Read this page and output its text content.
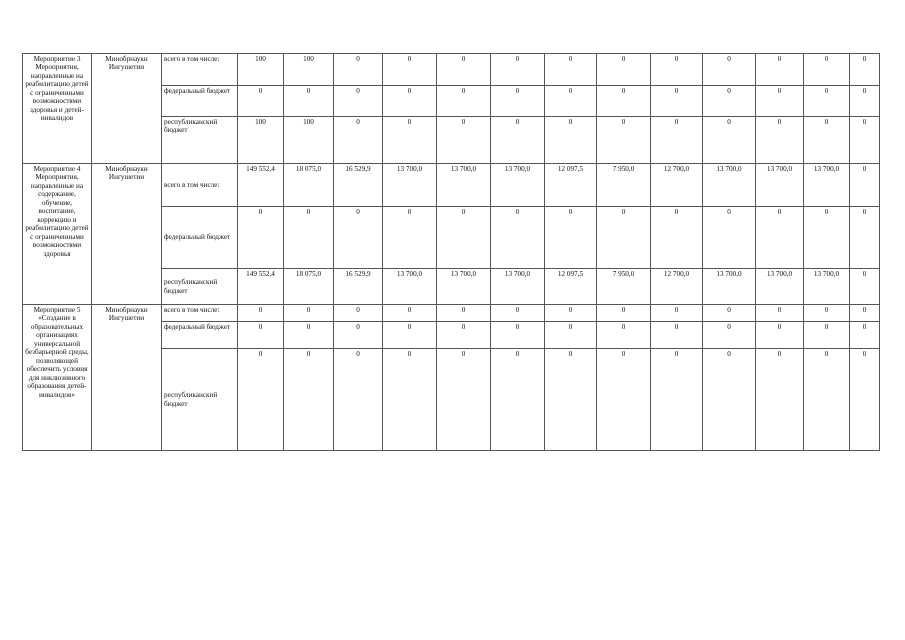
Мероприятие 3 Мероприятия, направленные на реабилитацию детей с ограниченными возможностями здоровья и детей-инвалидов	Минобрнауки Ингушетии	всего в том числе:	100	100	0	0	0	0	0	0	0	0	0	0	0
		федеральный бюджет	0	0	0	0	0	0	0	0	0	0	0	0	0
		республиканский бюджет	100	100	0	0	0	0	0	0	0	0	0	0	0
Мероприятие 4 Мероприятия, направленные на содержание, обучение, воспитание, коррекцию и реабилитацию детей с ограниченными возможностями здоровья	Минобрнауки Ингушетии	всего в том числе:	149 552,4	18 075,0	16 529,9	13 700,0	13 700,0	13 700,0	12 097,5	7 950,0	12 700,0	13 700,0	13 700,0	13 700,0	0
		федеральный бюджет	0	0	0	0	0	0	0	0	0	0	0	0	0
		республиканский бюджет	149 552,4	18 075,0	16 529,9	13 700,0	13 700,0	13 700,0	12 097,5	7 950,0	12 700,0	13 700,0	13 700,0	13 700,0	0
Мероприятие 5 «Создание в образовательных организациях универсальной безбарьерной среды, позволяющей обеспечить условия для инклюзивного образования детей-инвалидов»	Минобрнауки Ингушетии	всего в том числе:	0	0	0	0	0	0	0	0	0	0	0	0	0
		федеральный бюджет	0	0	0	0	0	0	0	0	0	0	0	0	0
		республиканский бюджет	0	0	0	0	0	0	0	0	0	0	0	0	0
